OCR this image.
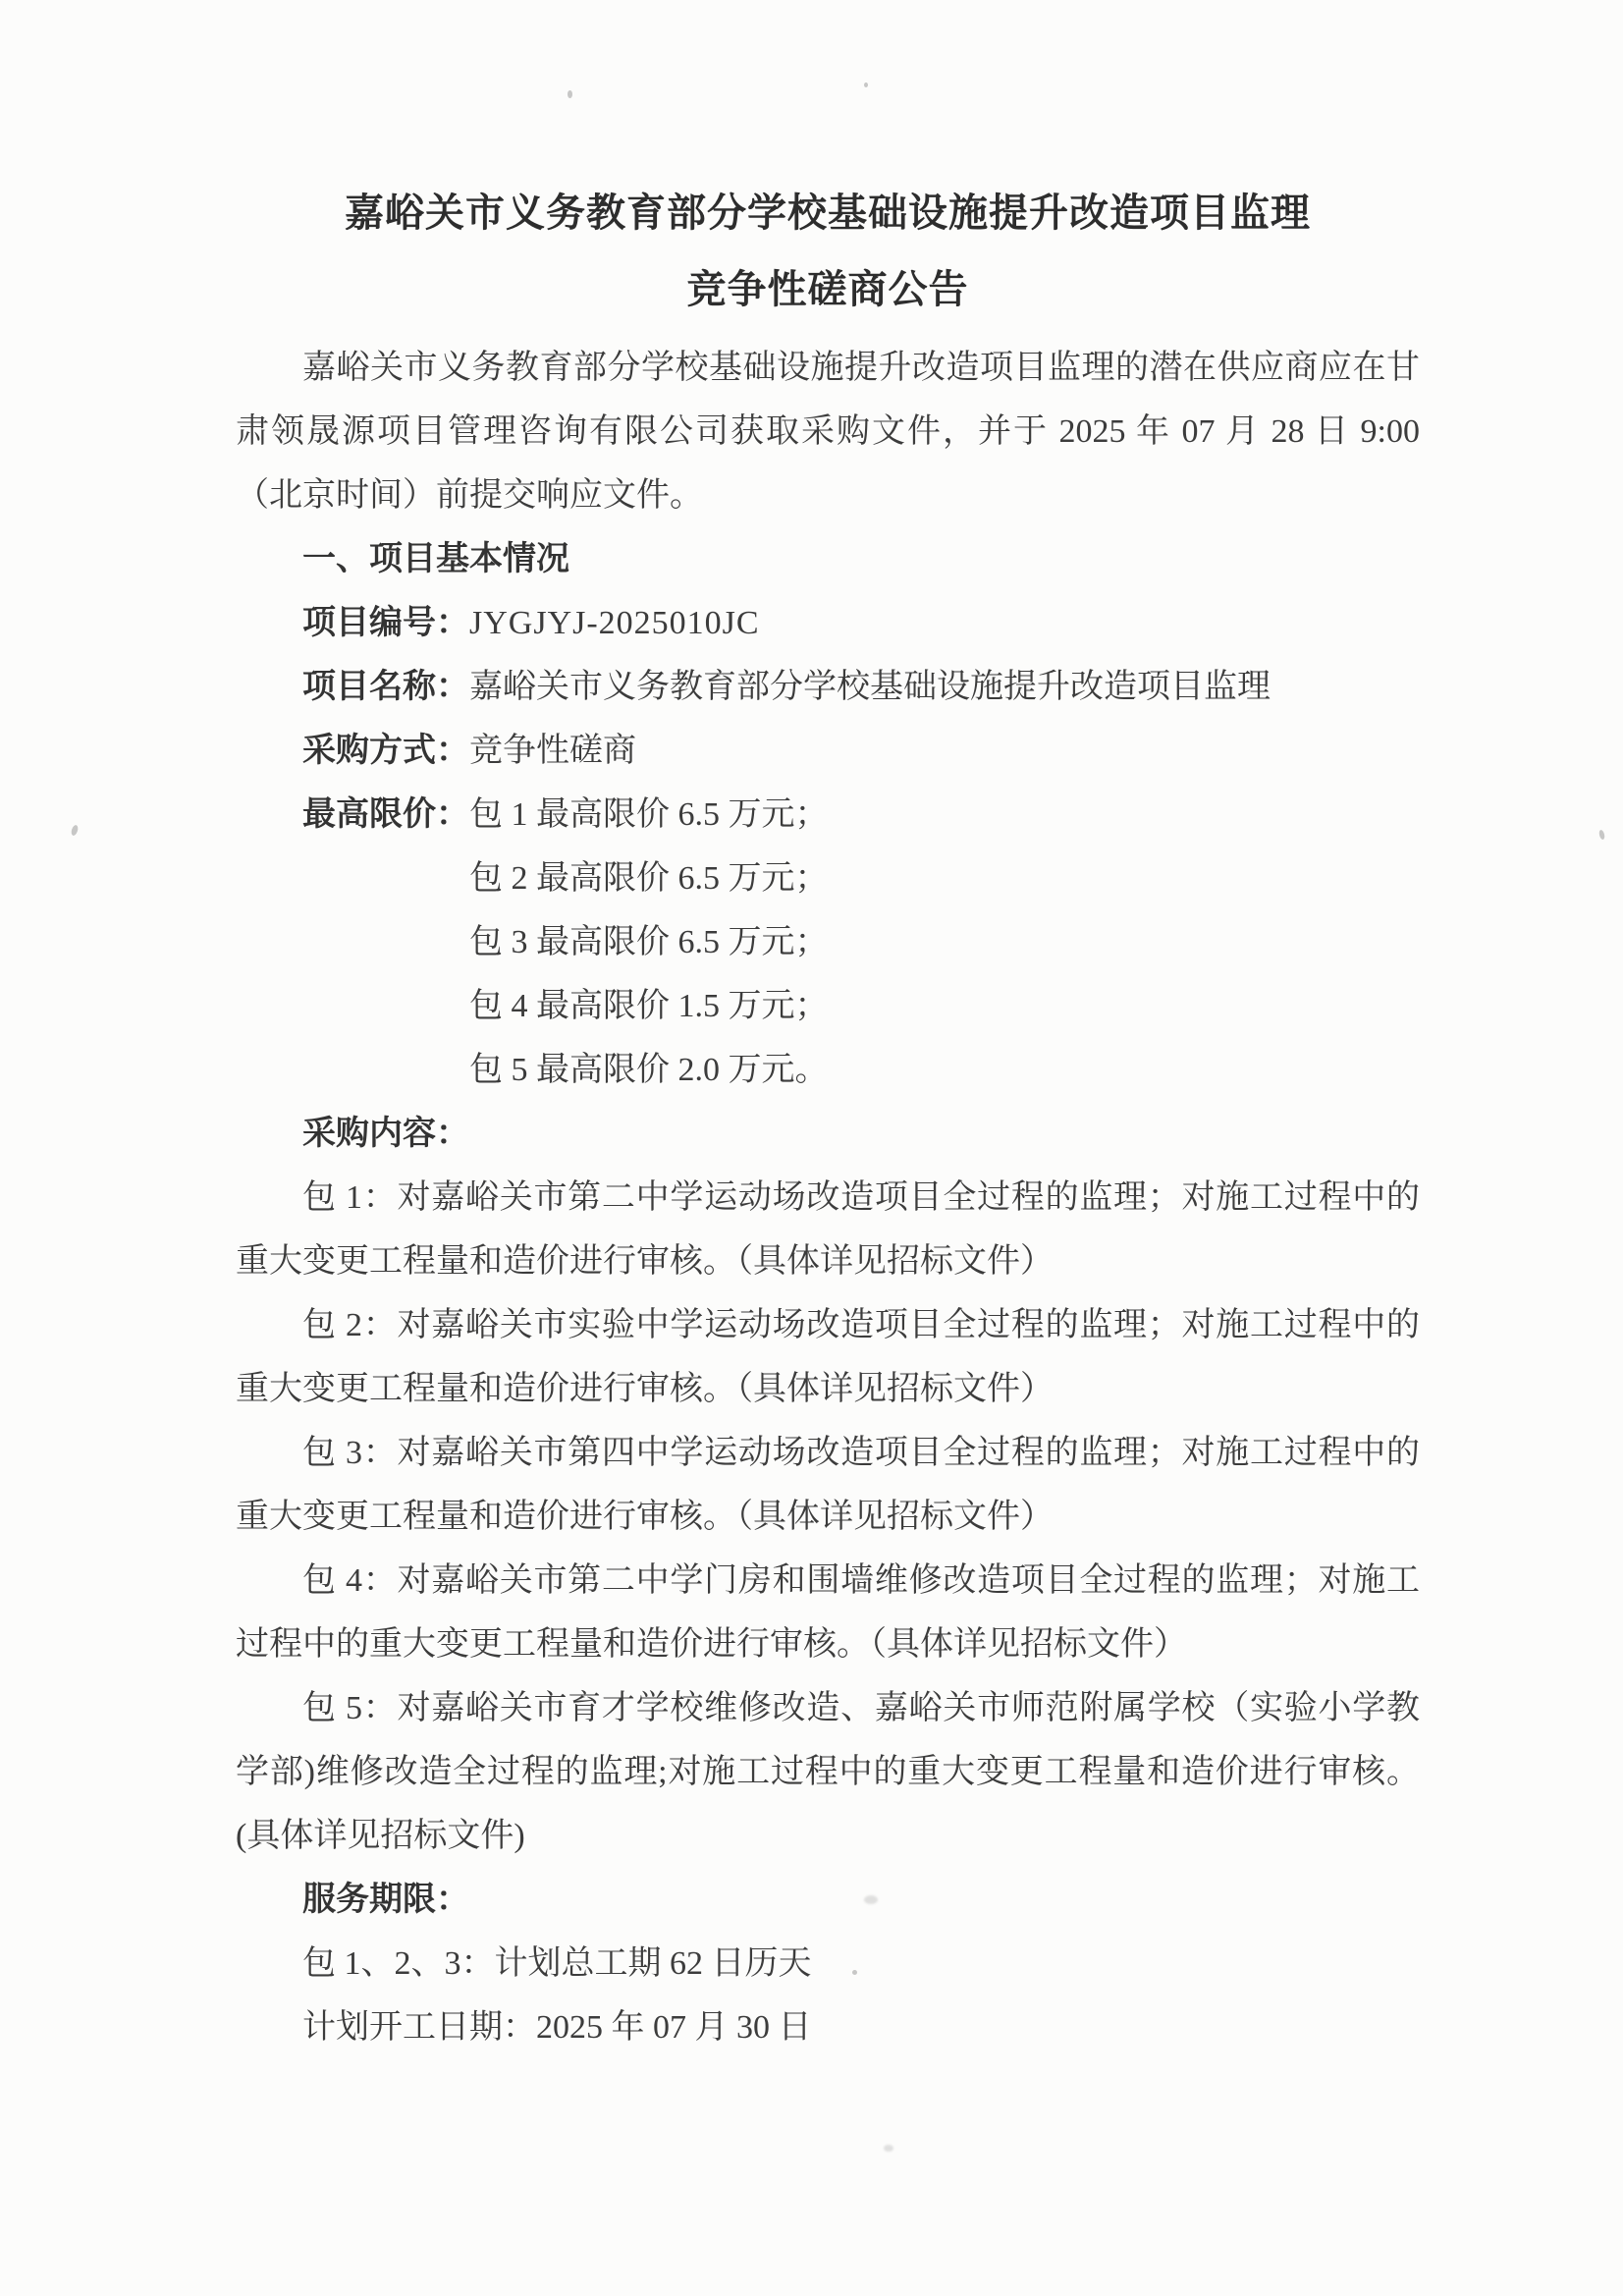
嘉峪关市义务教育部分学校基础设施提升改造项目监理
竞争性磋商公告

嘉峪关市义务教育部分学校基础设施提升改造项目监理的潜在供应商应在甘肃领晟源项目管理咨询有限公司获取采购文件，并于 2025 年 07 月 28 日 9:00（北京时间）前提交响应文件。

一、项目基本情况
项目编号：JYGJYJ-2025010JC
项目名称：嘉峪关市义务教育部分学校基础设施提升改造项目监理
采购方式：竞争性磋商
最高限价：包 1 最高限价 6.5 万元；
包 2 最高限价 6.5 万元；
包 3 最高限价 6.5 万元；
包 4 最高限价 1.5 万元；
包 5 最高限价 2.0 万元。
采购内容：

包 1：对嘉峪关市第二中学运动场改造项目全过程的监理；对施工过程中的重大变更工程量和造价进行审核。（具体详见招标文件）

包 2：对嘉峪关市实验中学运动场改造项目全过程的监理；对施工过程中的重大变更工程量和造价进行审核。（具体详见招标文件）

包 3：对嘉峪关市第四中学运动场改造项目全过程的监理；对施工过程中的重大变更工程量和造价进行审核。（具体详见招标文件）

包 4：对嘉峪关市第二中学门房和围墙维修改造项目全过程的监理；对施工过程中的重大变更工程量和造价进行审核。（具体详见招标文件）

包 5：对嘉峪关市育才学校维修改造、嘉峪关市师范附属学校（实验小学教学部)维修改造全过程的监理;对施工过程中的重大变更工程量和造价进行审核。(具体详见招标文件)

服务期限：
包 1、2、3：计划总工期 62 日历天
计划开工日期：2025 年 07 月 30 日
